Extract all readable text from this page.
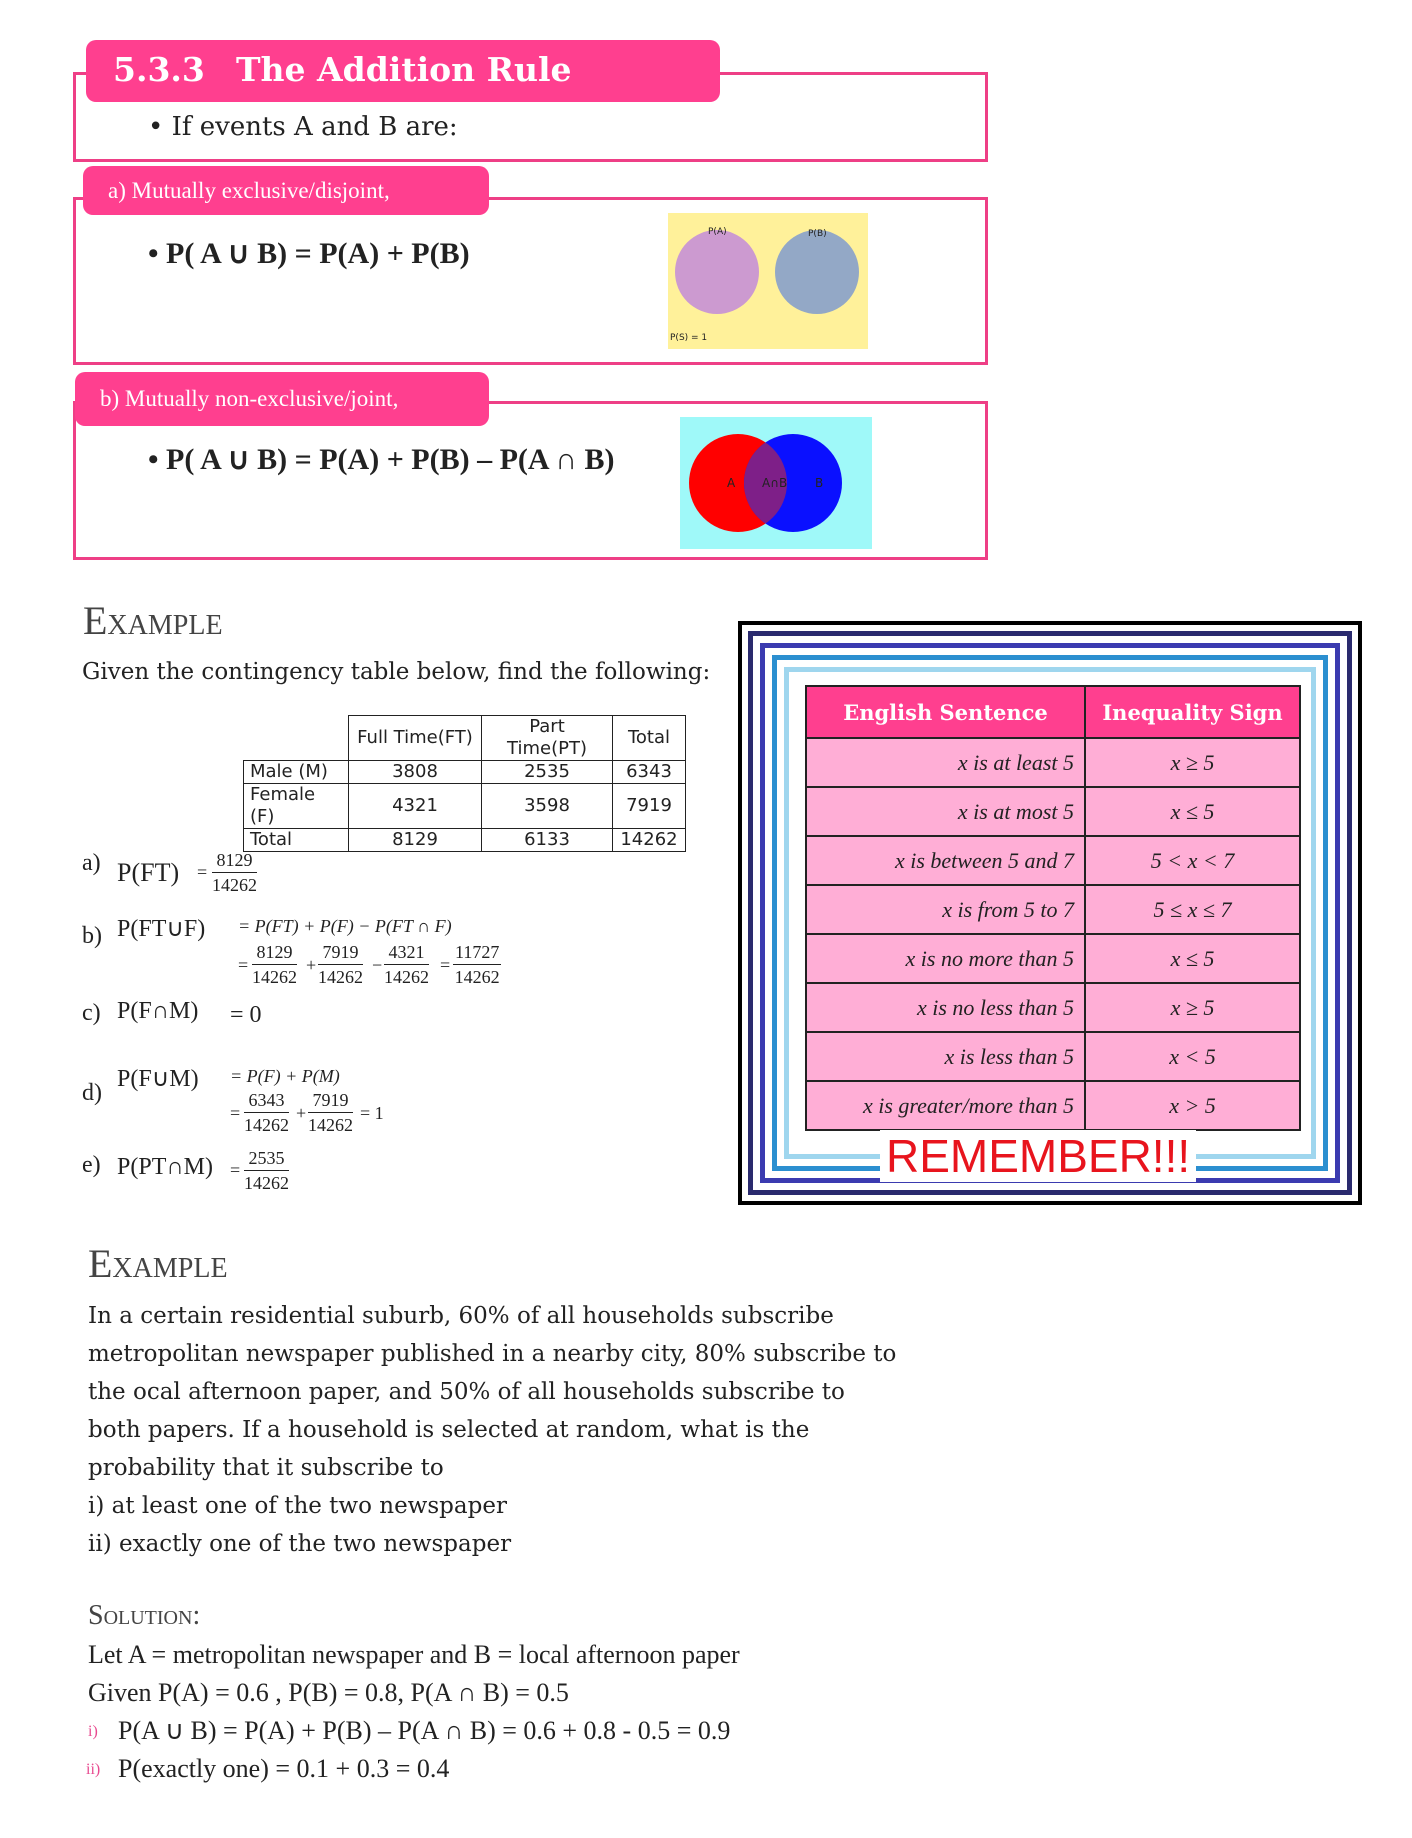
5.3.3 The Addition Rule
• If events A and B are:
a) Mutually exclusive/disjoint,
• P( A ∪ B) = P(A) + P(B)
P(A)	P(B)
P(S) = 1
b) Mutually non-exclusive/joint,
• P( A ∪ B) = P(A) + P(B) – P(A ∩ B)
A A∩B B
Example
Given the contingency table below, find the following:
	Full Time(FT)	Part Time(PT)	Total
Male (M)	3808	2535	6343
Female (F)	4321	3598	7919
Total	8129	6133	14262
a) $P(FT) = \frac{8129}{14262}$
b) P(FT∪F) = P(FT) + P(F) − P(FT ∩ F)
= $\frac{8129}{14262} + \frac{7919}{14262} - \frac{4321}{14262} = \frac{11727}{14262}$
c) P(F∩M) = 0
d)
P(F∪M) = P(F) + P(M)
= $\frac{6343}{14262} + \frac{7919}{14262} = 1$
e) P(PT∩M) = $\frac{2535}{14262}$
English Sentence	Inequality Sign
x is at least 5	x ≥ 5
x is at most 5	x ≤ 5
x is between 5 and 7	5 < x < 7
x is from 5 to 7	5 ≤ x ≤ 7
x is no more than 5	x ≤ 5
x is no less than 5	x ≥ 5
x is less than 5	x < 5
x is greater/more than 5	x > 5
REMEMBER!!!
Example
In a certain residential suburb, 60% of all households subscribe
metropolitan newspaper published in a nearby city, 80% subscribe to
the ocal afternoon paper, and 50% of all households subscribe to
both papers. If a household is selected at random, what is the
probability that it subscribe to
i) at least one of the two newspaper
ii) exactly one of the two newspaper
Solution:
Let A = metropolitan newspaper and B = local afternoon paper
Given P(A) = 0.6 , P(B) = 0.8, P(A ∩ B) = 0.5
i) P(A ∪ B) = P(A) + P(B) – P(A ∩ B) = 0.6 + 0.8 - 0.5 = 0.9
ii) P(exactly one) = 0.1 + 0.3 = 0.4
